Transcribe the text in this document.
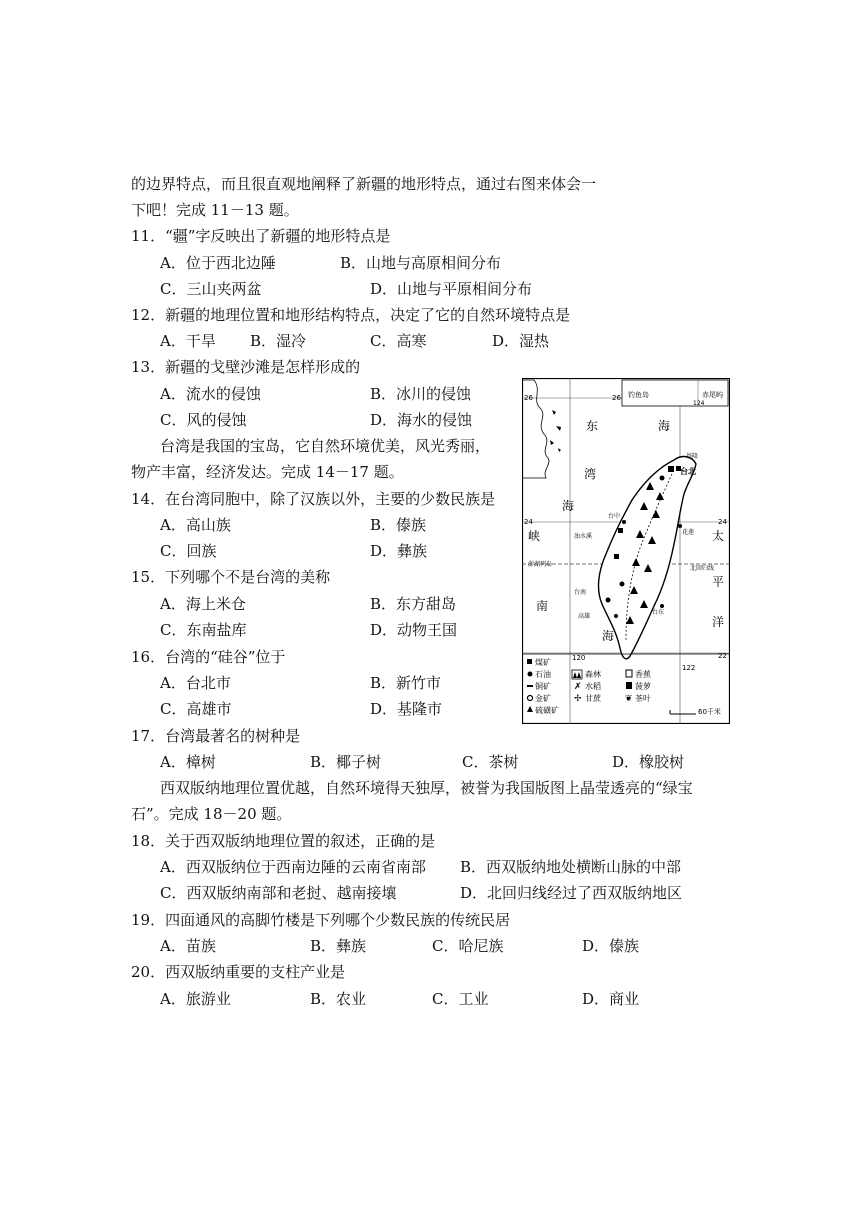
的边界特点，而且很直观地阐释了新疆的地形特点，通过右图来体会一
下吧！完成 11－13 题。
11．“疆”字反映出了新疆的地形特点是
A．位于西北边陲	B．山地与高原相间分布
C．三山夹两盆	D．山地与平原相间分布
12．新疆的地理位置和地形结构特点，决定了它的自然环境特点是
A．干旱 B．湿冷	C．高寒	D．湿热
13．新疆的戈壁沙滩是怎样形成的
A．流水的侵蚀	B．冰川的侵蚀
C．风的侵蚀	D．海水的侵蚀
台湾是我国的宝岛，它自然环境优美，风光秀丽，
物产丰富，经济发达。完成 14－17 题。
14．在台湾同胞中，除了汉族以外，主要的少数民族是
A．高山族	B．傣族
C．回族	D．彝族
15．下列哪个不是台湾的美称
A．海上米仓	B．东方甜岛
C．东南盐库	D．动物王国
16．台湾的“硅谷”位于
A．台北市	B．新竹市
C．高雄市	D．基隆市
17．台湾最著名的树种是
A．樟树	B．椰子树	C．茶树	D．橡胶树
西双版纳地理位置优越，自然环境得天独厚，被誉为我国版图上晶莹透亮的“绿宝
石”。完成 18－20 题。
18．关于西双版纳地理位置的叙述，正确的是
A．西双版纳位于西南边陲的云南省南部 B．西双版纳地处横断山脉的中部
C．西双版纳南部和老挝、越南接壤	D．北回归线经过了西双版纳地区
19．四面通风的高脚竹楼是下列哪个少数民族的传统民居
A．苗族	B．彝族	C．哈尼族	D．傣族
20．西双版纳重要的支柱产业是
A．旅游业	B．农业	C．工业	D．商业
钓鱼岛
124
赤尾屿
26	26
24	24
22
120
122
东	海
湾
海
峡
南
海
太
平
洋
基隆
台北
台中
花莲
浊水溪
澎湖列岛
北回归线
台南
高雄
台东
煤矿
石油
铜矿
金矿
硫磺矿
森林
✗ 水稻
✢ 甘蔗
香蕉
菠萝
❦ 茶叶
60千米
